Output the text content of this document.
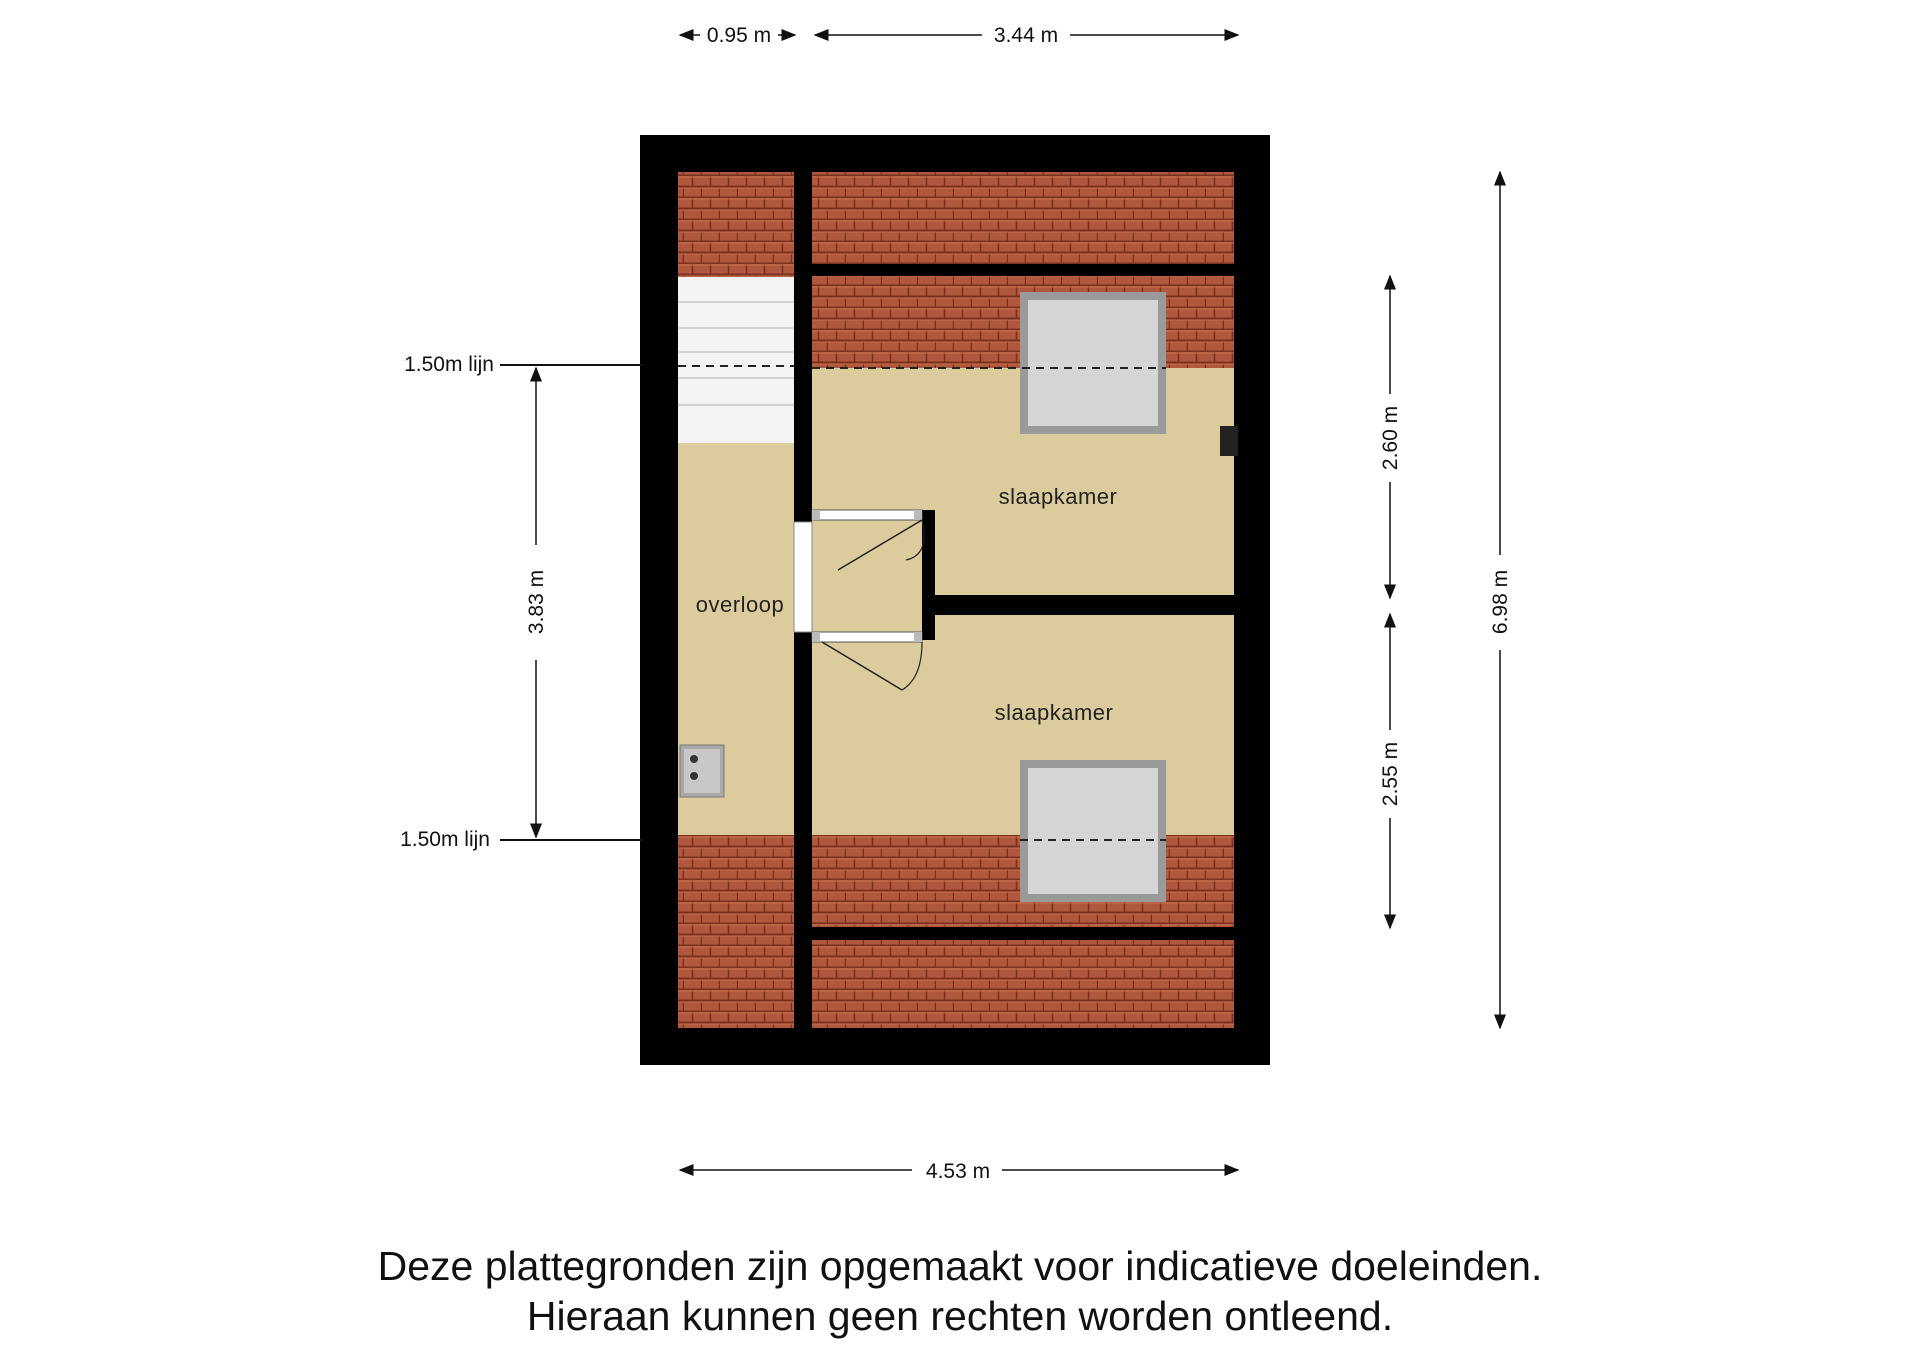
overloop
slaapkamer
slaapkamer
0.95 m	3.44 m
4.53 m
1.50m lijn
1.50m lijn
3.83 m
2.60 m
2.55 m
6.98 m
Deze plattegronden zijn opgemaakt voor indicatieve doeleinden.
Hieraan kunnen geen rechten worden ontleend.
